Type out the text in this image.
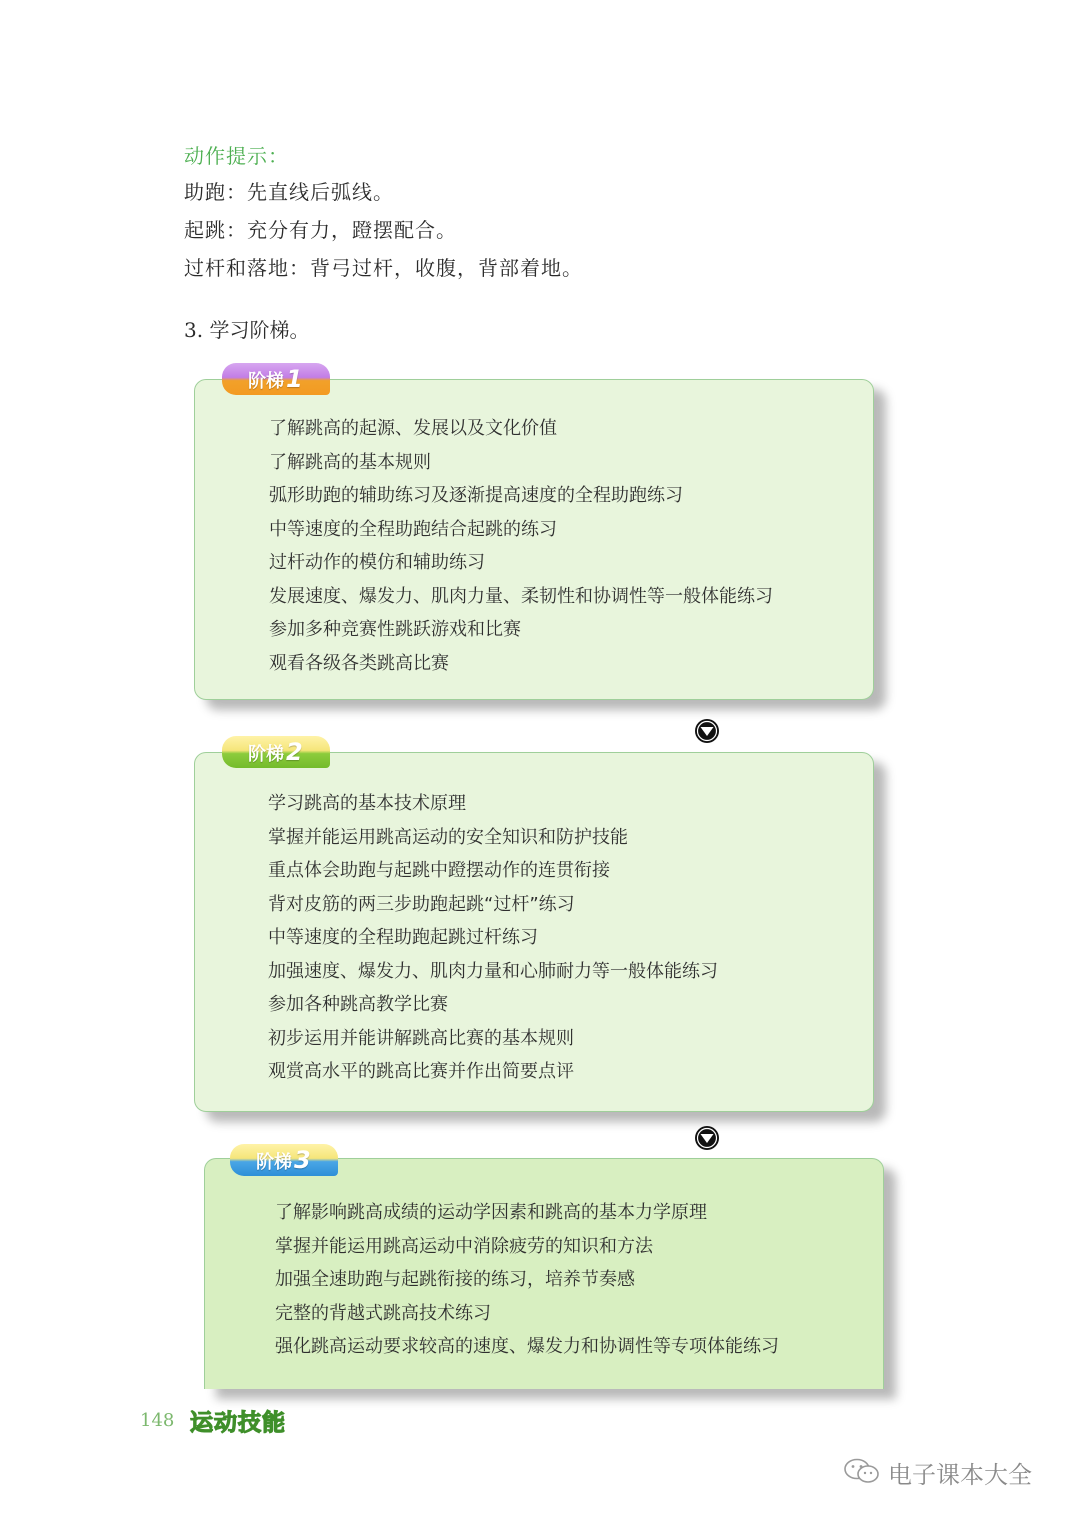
动作提示：
助跑：先直线后弧线。
起跳：充分有力，蹬摆配合。
过杆和落地：背弓过杆，收腹，背部着地。
3. 学习阶梯。
了解跳高的起源、发展以及文化价值
了解跳高的基本规则
弧形助跑的辅助练习及逐渐提高速度的全程助跑练习
中等速度的全程助跑结合起跳的练习
过杆动作的模仿和辅助练习
发展速度、爆发力、肌肉力量、柔韧性和协调性等一般体能练习
参加多种竞赛性跳跃游戏和比赛
观看各级各类跳高比赛
阶梯1
学习跳高的基本技术原理
掌握并能运用跳高运动的安全知识和防护技能
重点体会助跑与起跳中蹬摆动作的连贯衔接
背对皮筋的两三步助跑起跳“过杆”练习
中等速度的全程助跑起跳过杆练习
加强速度、爆发力、肌肉力量和心肺耐力等一般体能练习
参加各种跳高教学比赛
初步运用并能讲解跳高比赛的基本规则
观赏高水平的跳高比赛并作出简要点评
阶梯2
了解影响跳高成绩的运动学因素和跳高的基本力学原理
掌握并能运用跳高运动中消除疲劳的知识和方法
加强全速助跑与起跳衔接的练习，培养节奏感
完整的背越式跳高技术练习
强化跳高运动要求较高的速度、爆发力和协调性等专项体能练习
阶梯3
148 运动技能
电子课本大全
